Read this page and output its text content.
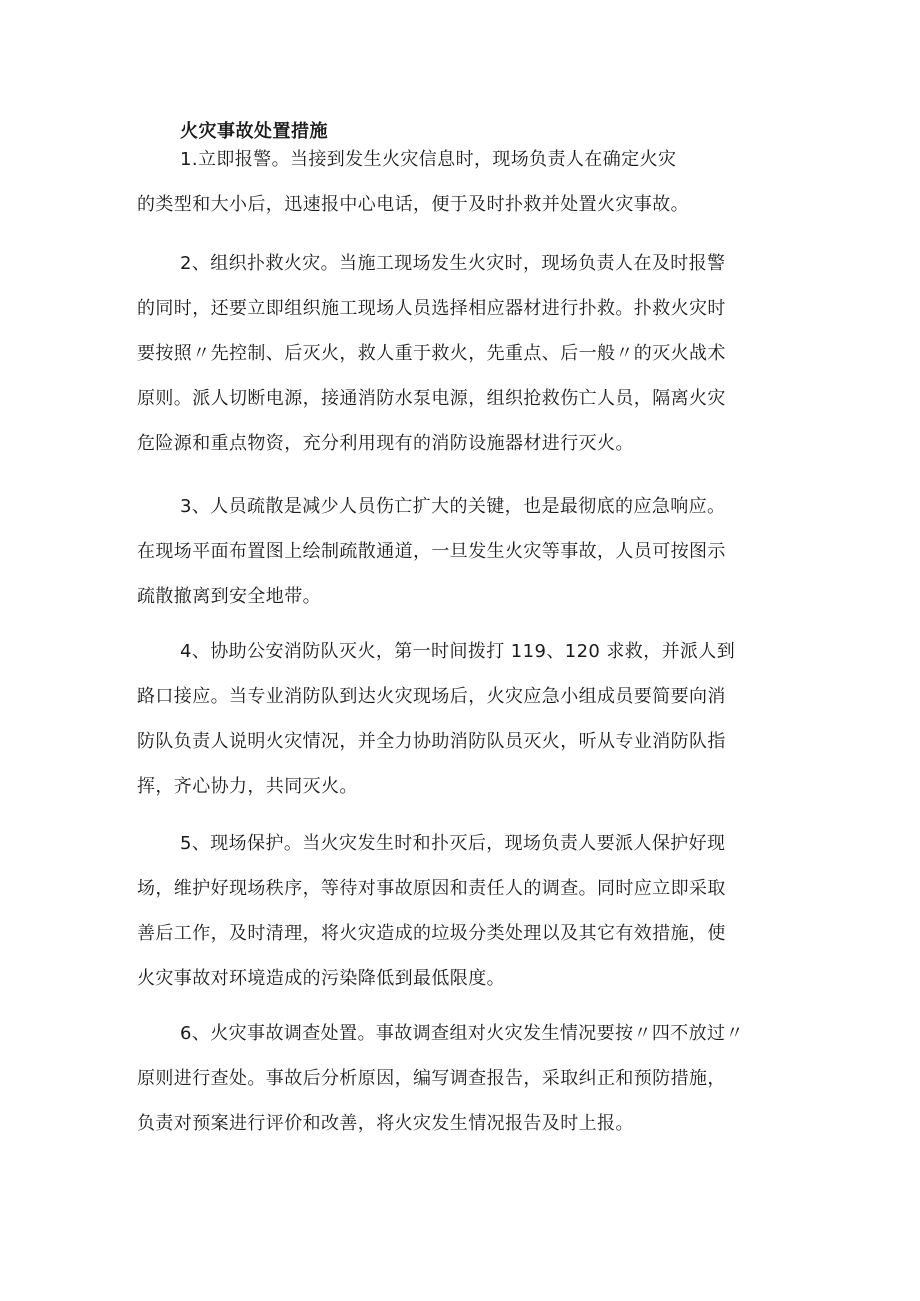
火灾事故处置措施
1.立即报警。当接到发生火灾信息时，现场负责人在确定火灾
的类型和大小后，迅速报中心电话，便于及时扑救并处置火灾事故。
2、组织扑救火灾。当施工现场发生火灾时，现场负责人在及时报警
的同时，还要立即组织施工现场人员选择相应器材进行扑救。扑救火灾时
要按照〃先控制、后灭火，救人重于救火，先重点、后一般〃的灭火战术
原则。派人切断电源，接通消防水泵电源，组织抢救伤亡人员，隔离火灾
危险源和重点物资，充分利用现有的消防设施器材进行灭火。
3、人员疏散是减少人员伤亡扩大的关键，也是最彻底的应急响应。
在现场平面布置图上绘制疏散通道，一旦发生火灾等事故，人员可按图示
疏散撤离到安全地带。
4、协助公安消防队灭火，第一时间拨打 119、120 求救，并派人到
路口接应。当专业消防队到达火灾现场后，火灾应急小组成员要简要向消
防队负责人说明火灾情况，并全力协助消防队员灭火，听从专业消防队指
挥，齐心协力，共同灭火。
5、现场保护。当火灾发生时和扑灭后，现场负责人要派人保护好现
场，维护好现场秩序，等待对事故原因和责任人的调查。同时应立即采取
善后工作，及时清理，将火灾造成的垃圾分类处理以及其它有效措施，使
火灾事故对环境造成的污染降低到最低限度。
6、火灾事故调查处置。事故调查组对火灾发生情况要按〃四不放过〃
原则进行查处。事故后分析原因，编写调查报告，采取纠正和预防措施，
负责对预案进行评价和改善，将火灾发生情况报告及时上报。
